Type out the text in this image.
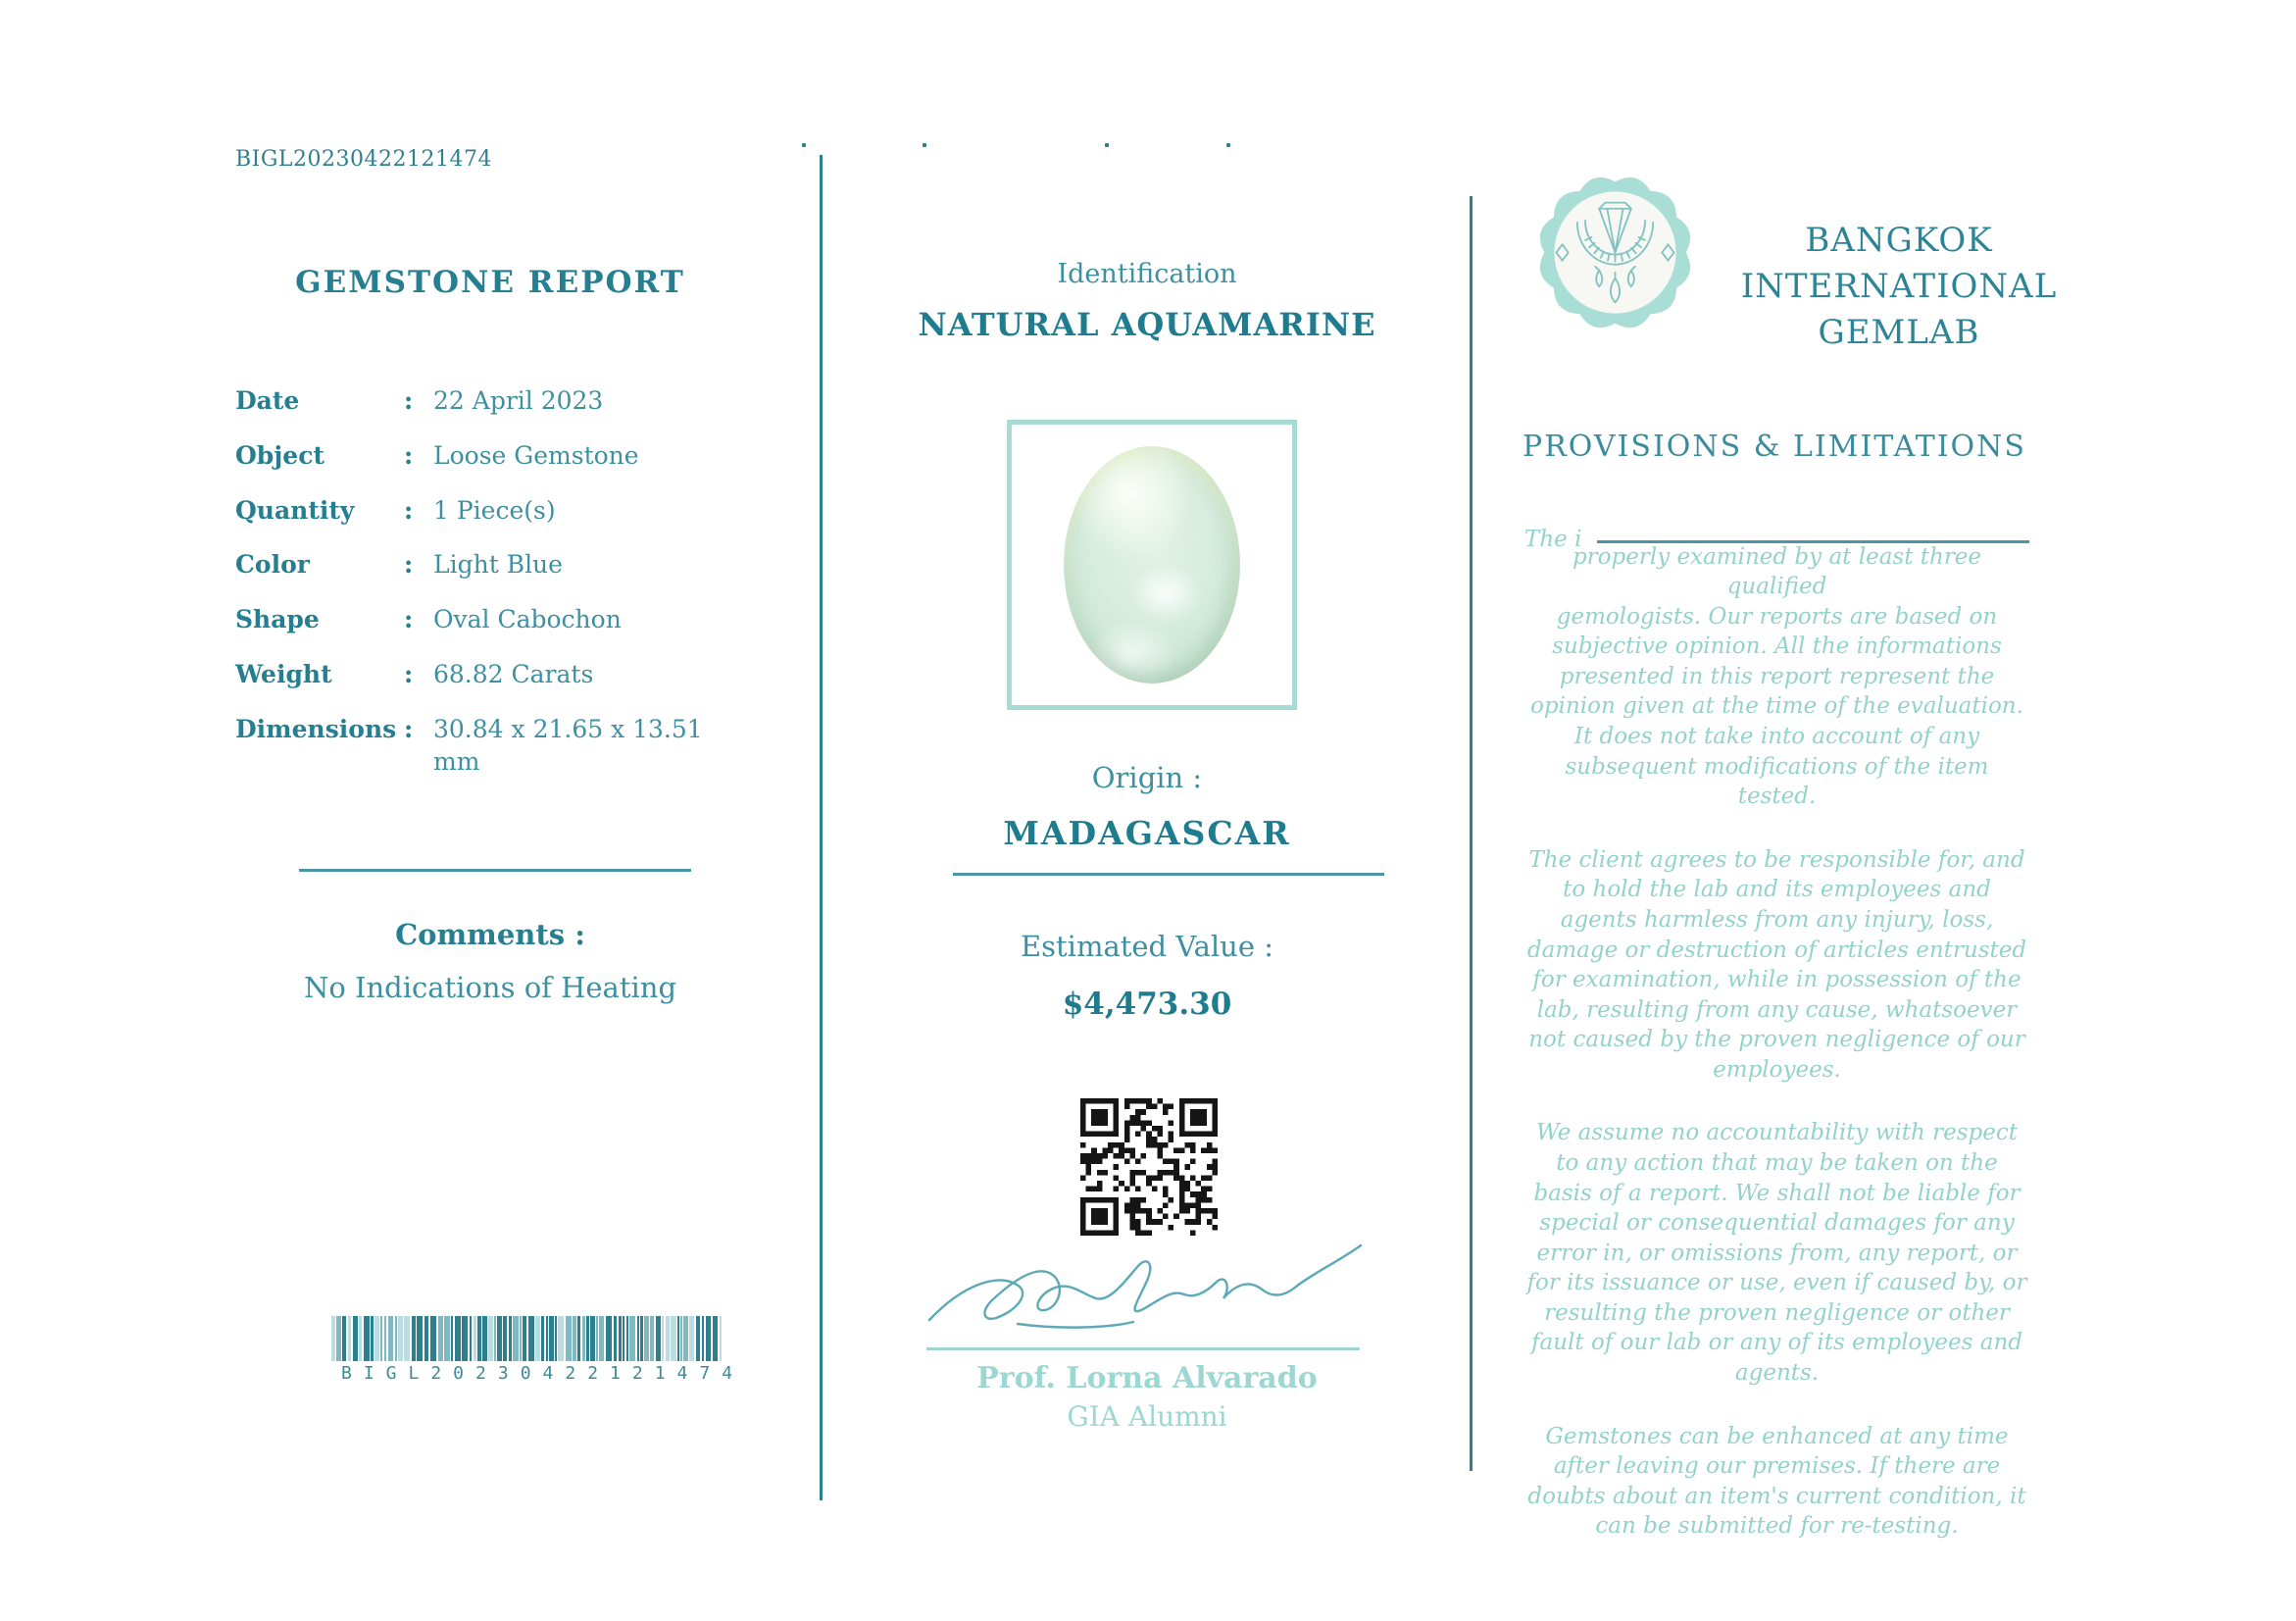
BIGL20230422121474
GEMSTONE REPORT
Date	: 22 April 2023
Object	: Loose Gemstone
Quantity	: 1 Piece(s)
Color	: Light Blue
Shape	: Oval Cabochon
Weight	: 68.82 Carats
Dimensions : 30.84 x 21.65 x 13.51 mm
Comments :
No Indications of Heating
BIGL20230422121474
Identification
NATURAL AQUAMARINE
Origin :
MADAGASCAR
Estimated Value :
$4,473.30
Prof. Lorna Alvarado
GIA Alumni
BANGKOK INTERNATIONAL GEMLAB
PROVISIONS & LIMITATIONS

The i
properly examined by at least three qualified
gemologists. Our reports are based on subjective opinion. All the informations presented in this report represent the opinion given at the time of the evaluation. It does not take into account of any subsequent modifications of the item tested.

The client agrees to be responsible for, and to hold the lab and its employees and agents harmless from any injury, loss, damage or destruction of articles entrusted for examination, while in possession of the lab, resulting from any cause, whatsoever not caused by the proven negligence of our employees.

We assume no accountability with respect to any action that may be taken on the basis of a report. We shall not be liable for special or consequential damages for any error in, or omissions from, any report, or for its issuance or use, even if caused by, or resulting the proven negligence or other fault of our lab or any of its employees and agents.

Gemstones can be enhanced at any time after leaving our premises. If there are doubts about an item's current condition, it can be submitted for re-testing.
